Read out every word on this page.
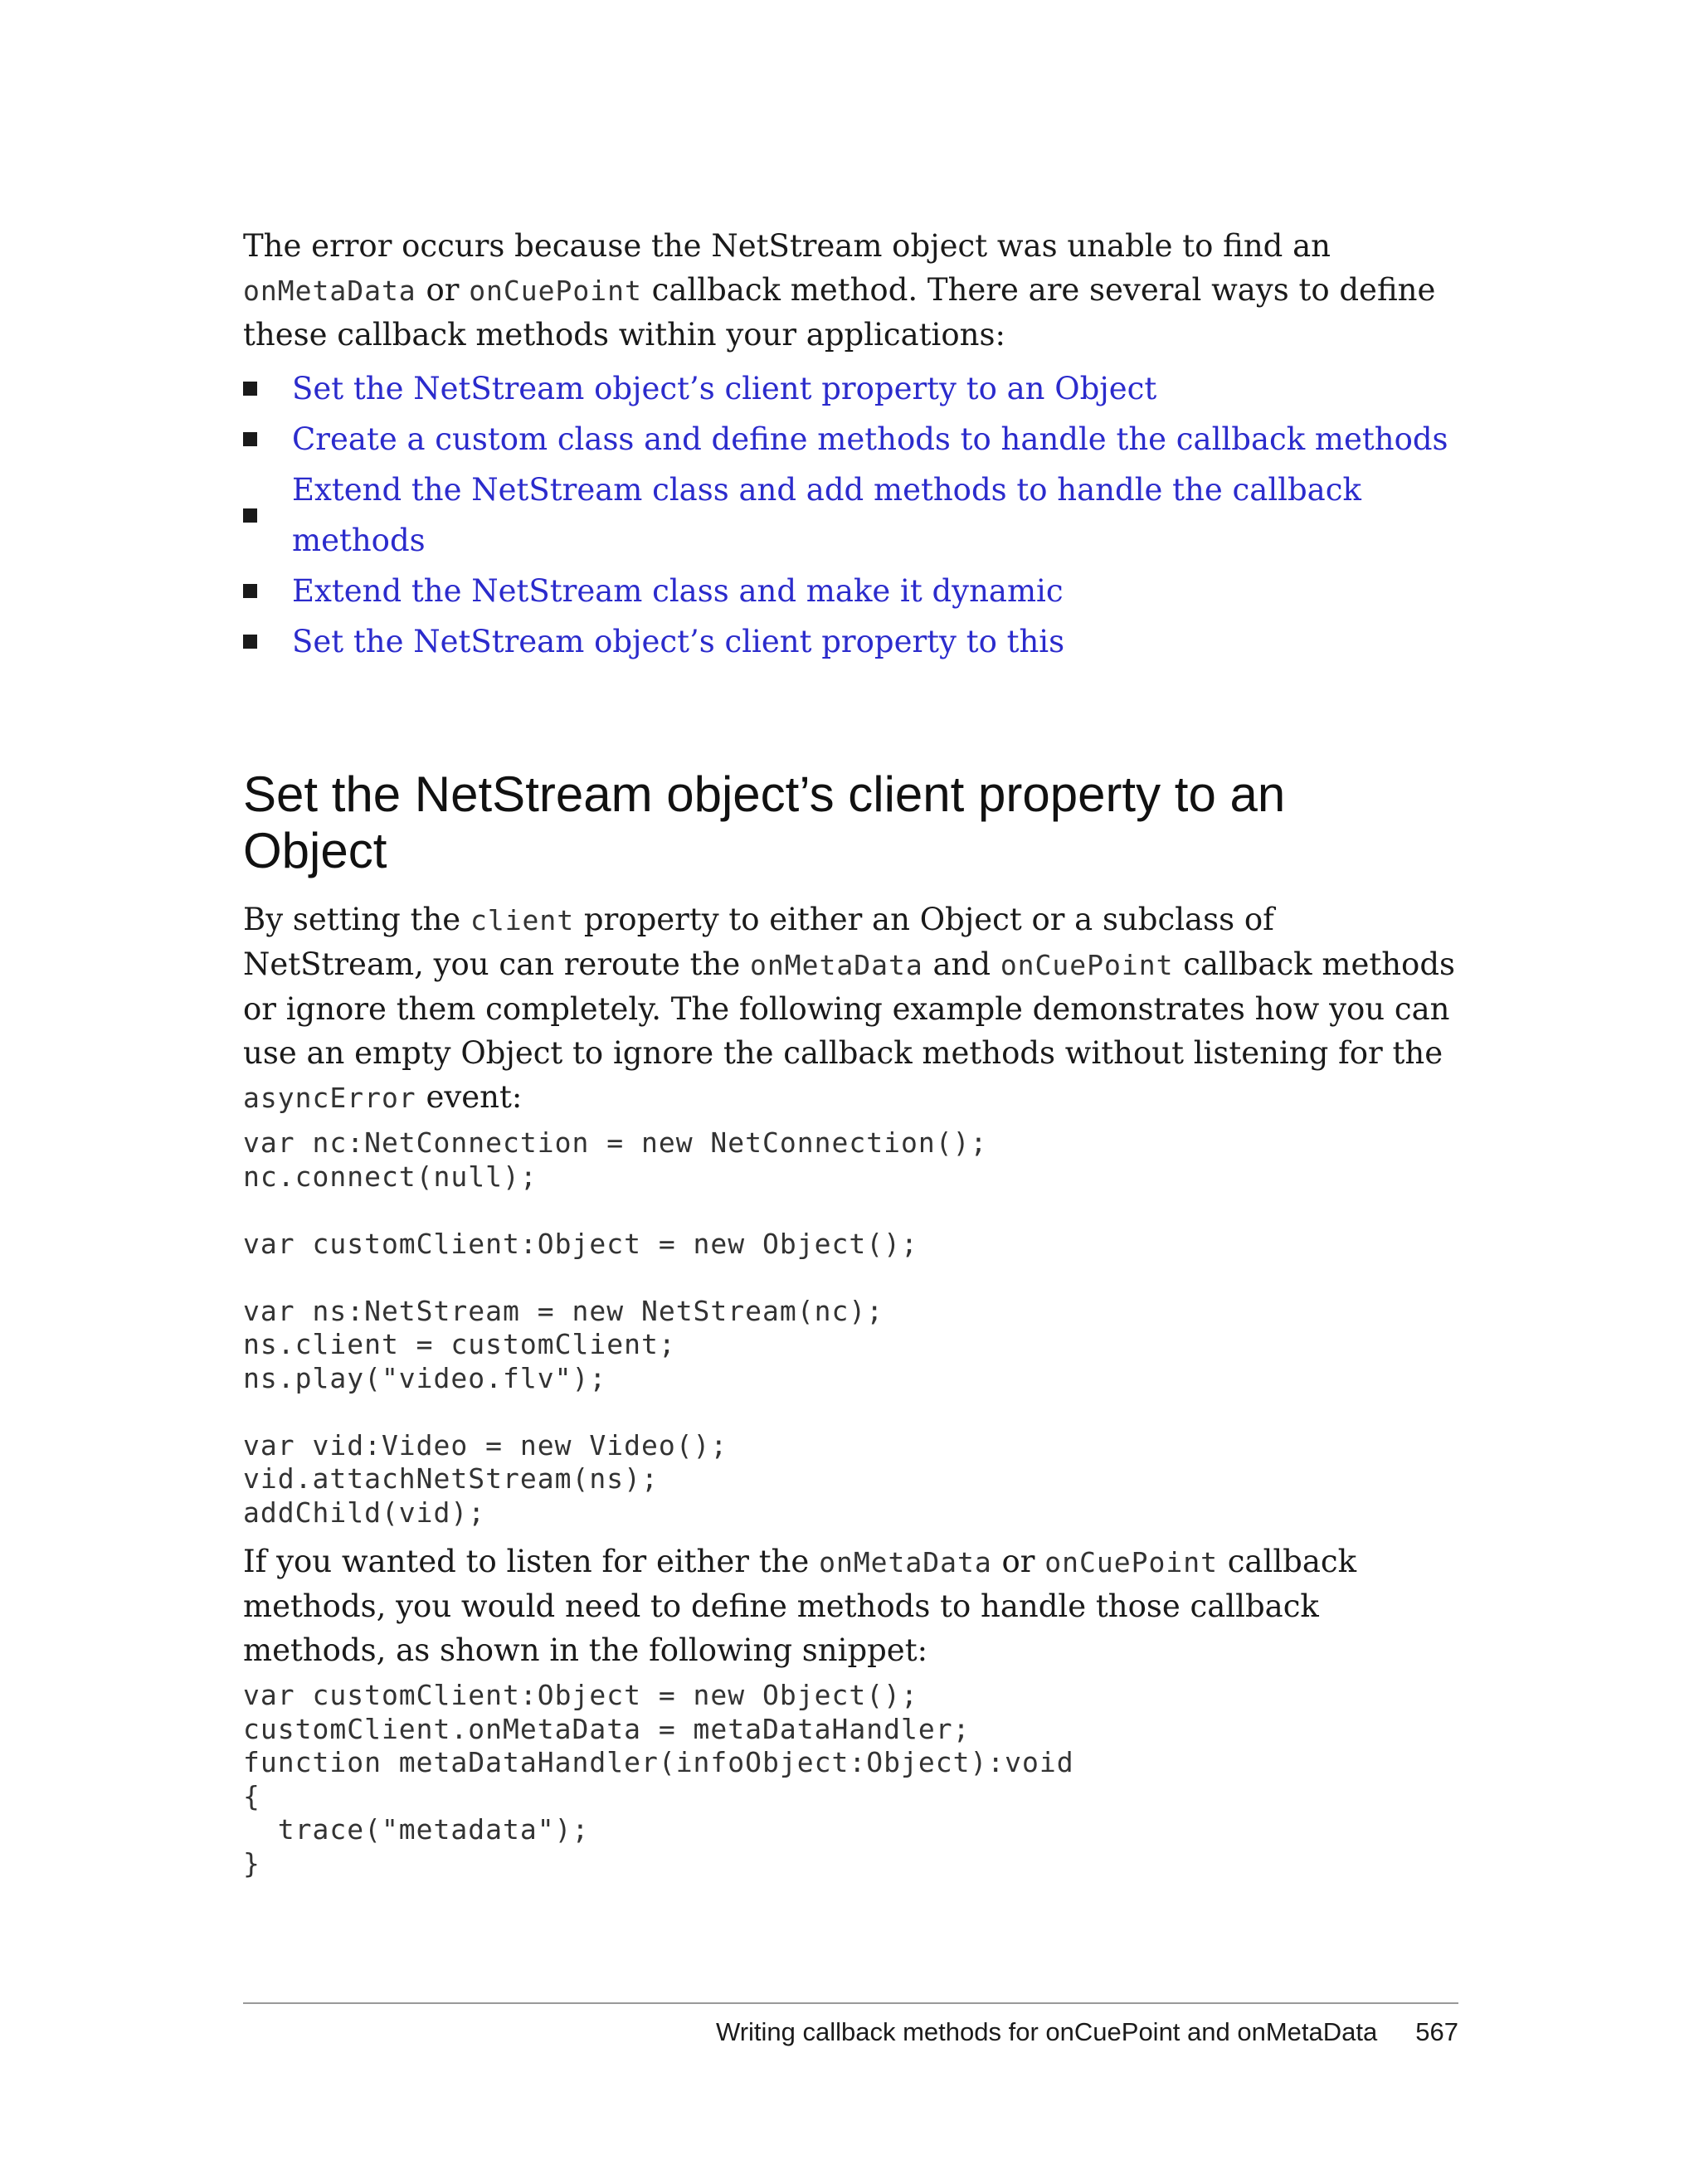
The error occurs because the NetStream object was unable to find an onMetaData or onCuePoint callback method. There are several ways to define these callback methods within your applications:

Set the NetStream object’s client property to an Object
Create a custom class and define methods to handle the callback methods
Extend the NetStream class and add methods to handle the callback methods
Extend the NetStream class and make it dynamic
Set the NetStream object’s client property to this
Set the NetStream object’s client property to an Object

By setting the client property to either an Object or a subclass of NetStream, you can reroute the onMetaData and onCuePoint callback methods or ignore them completely. The following example demonstrates how you can use an empty Object to ignore the callback methods without listening for the asyncError event:

var nc:NetConnection = new NetConnection();
nc.connect(null);
var customClient:Object = new Object();
var ns:NetStream = new NetStream(nc);
ns.client = customClient;
ns.play("video.flv");
var vid:Video = new Video();
vid.attachNetStream(ns);
addChild(vid);

If you wanted to listen for either the onMetaData or onCuePoint callback methods, you would need to define methods to handle those callback methods, as shown in the following snippet:

var customClient:Object = new Object();
customClient.onMetaData = metaDataHandler;
function metaDataHandler(infoObject:Object):void
{
trace("metadata");
}
Writing callback methods for onCuePoint and onMetaData 567
